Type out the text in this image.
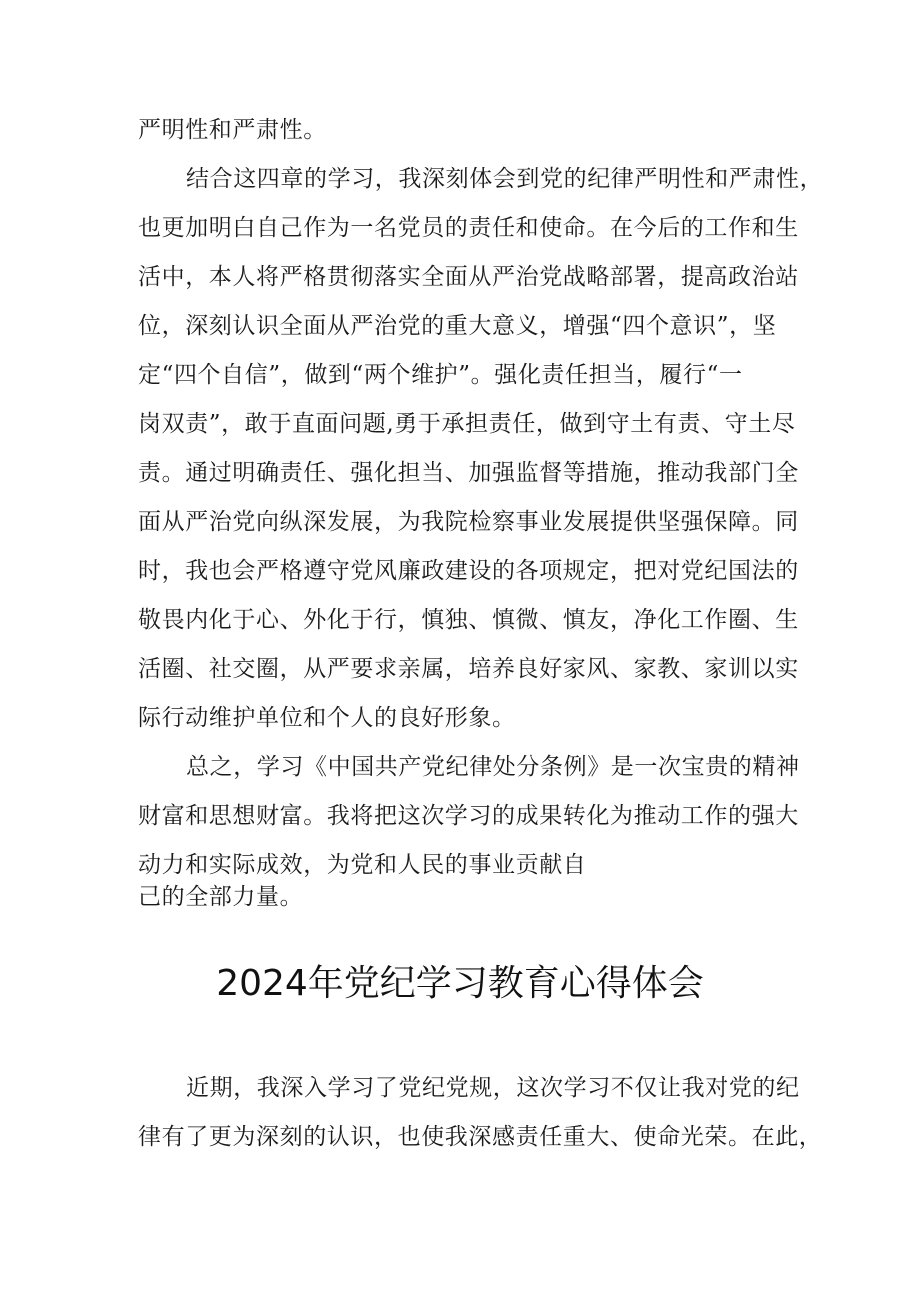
严明性和严肃性。
结合这四章的学习，我深刻体会到党的纪律严明性和严肃性，
也更加明白自己作为一名党员的责任和使命。在今后的工作和生
活中，本人将严格贯彻落实全面从严治党战略部署，提高政治站
位，深刻认识全面从严治党的重大意义，增强“四个意识”，坚
定“四个自信”，做到“两个维护”。强化责任担当，履行“一
岗双责”，敢于直面问题,勇于承担责任，做到守土有责、守土尽
责。通过明确责任、强化担当、加强监督等措施，推动我部门全
面从严治党向纵深发展，为我院检察事业发展提供坚强保障。同
时，我也会严格遵守党风廉政建设的各项规定，把对党纪国法的
敬畏内化于心、外化于行，慎独、慎微、慎友，净化工作圈、生
活圈、社交圈，从严要求亲属，培养良好家风、家教、家训以实
际行动维护单位和个人的良好形象。
总之，学习《中国共产党纪律处分条例》是一次宝贵的精神
财富和思想财富。我将把这次学习的成果转化为推动工作的强大
动力和实际成效，为党和人民的事业贡献自
己的全部力量。
2024年党纪学习教育心得体会
近期，我深入学习了党纪党规，这次学习不仅让我对党的纪
律有了更为深刻的认识，也使我深感责任重大、使命光荣。在此，
